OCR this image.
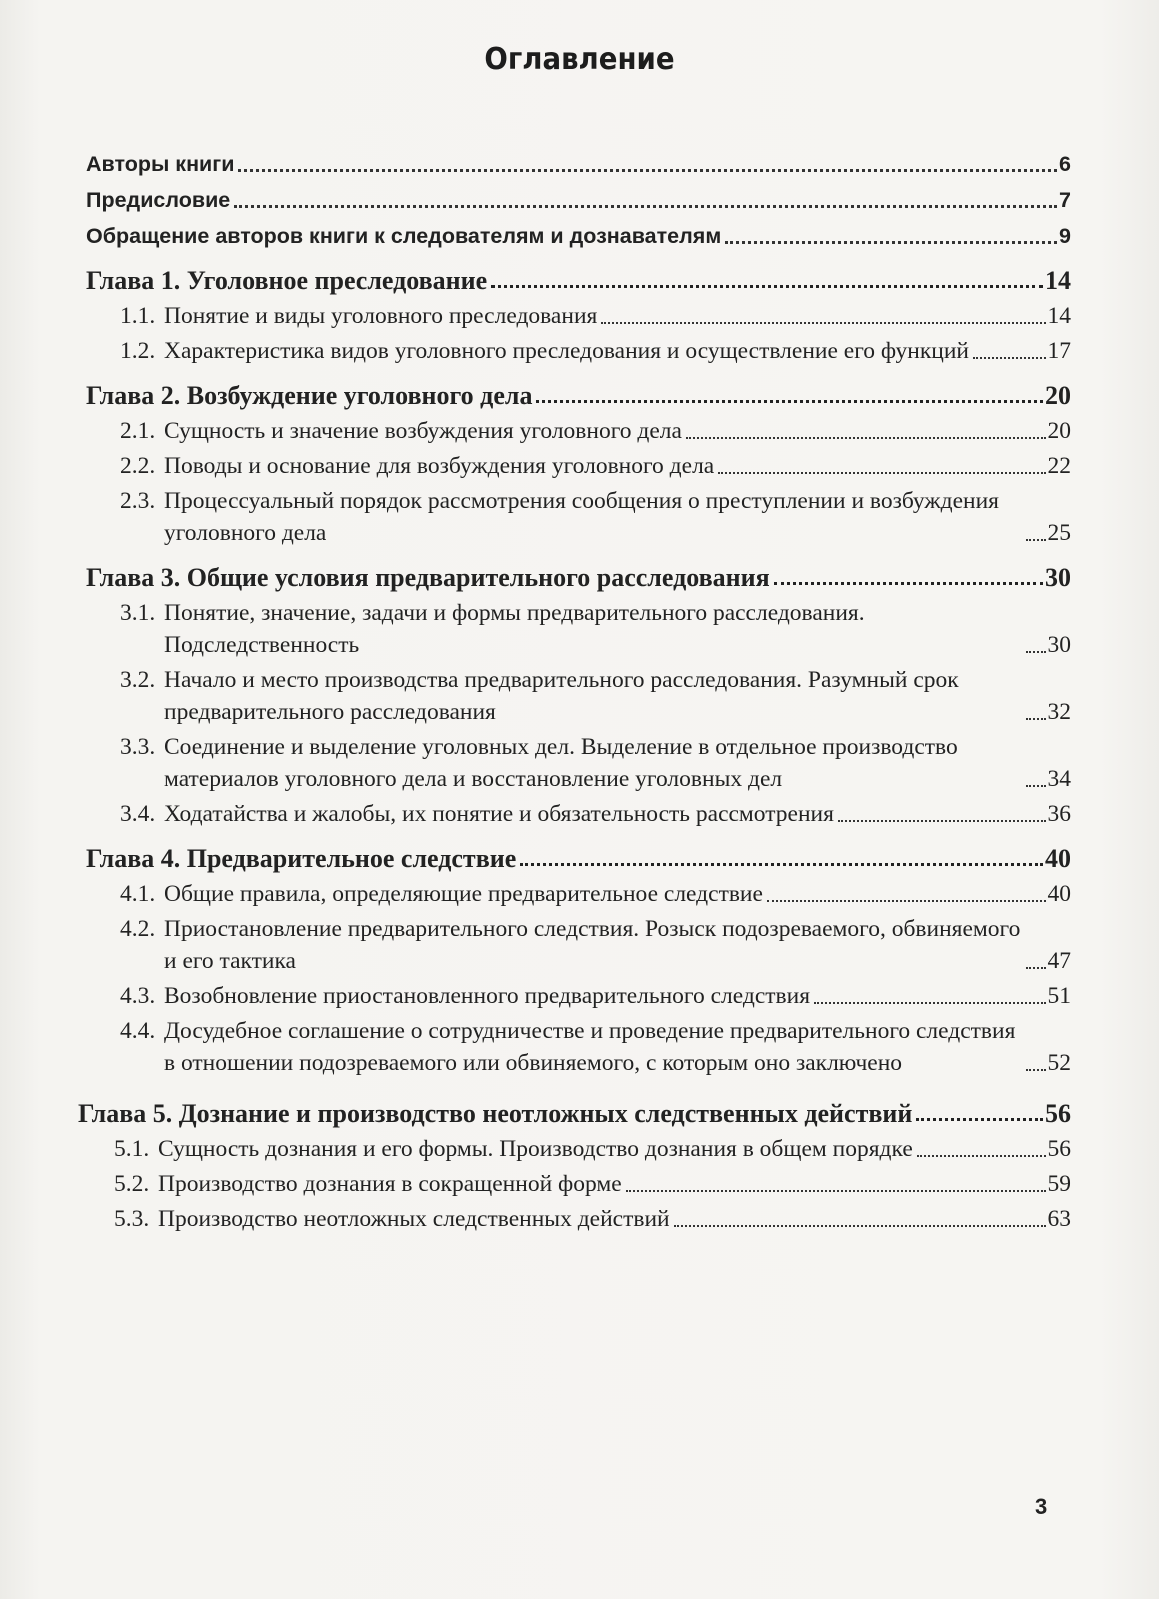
Оглавление
Авторы книги	6
Предисловие	7
Обращение авторов книги к следователям и дознавателям	9
Глава 1. Уголовное преследование	14
1.1. Понятие и виды уголовного преследования	14
1.2. Характеристика видов уголовного преследования и осуществление его функций	17
Глава 2. Возбуждение уголовного дела	20
2.1. Сущность и значение возбуждения уголовного дела	20
2.2. Поводы и основание для возбуждения уголовного дела	22
2.3. Процессуальный порядок рассмотрения сообщения о преступлении и возбуждения уголовного дела	25
Глава 3. Общие условия предварительного расследования	30
3.1. Понятие, значение, задачи и формы предварительного расследования. Подследственность	30
3.2. Начало и место производства предварительного расследования. Разумный срок предварительного расследования	32
3.3. Соединение и выделение уголовных дел. Выделение в отдельное производство материалов уголовного дела и восстановление уголовных дел	34
3.4. Ходатайства и жалобы, их понятие и обязательность рассмотрения	36
Глава 4. Предварительное следствие	40
4.1. Общие правила, определяющие предварительное следствие	40
4.2. Приостановление предварительного следствия. Розыск подозреваемого, обвиняемого и его тактика	47
4.3. Возобновление приостановленного предварительного следствия	51
4.4. Досудебное соглашение о сотрудничестве и проведение предварительного следствия в отношении подозреваемого или обвиняемого, с которым оно заключено	52
Глава 5. Дознание и производство неотложных следственных действий	56
5.1. Сущность дознания и его формы. Производство дознания в общем порядке	56
5.2. Производство дознания в сокращенной форме	59
5.3. Производство неотложных следственных действий	63
3
